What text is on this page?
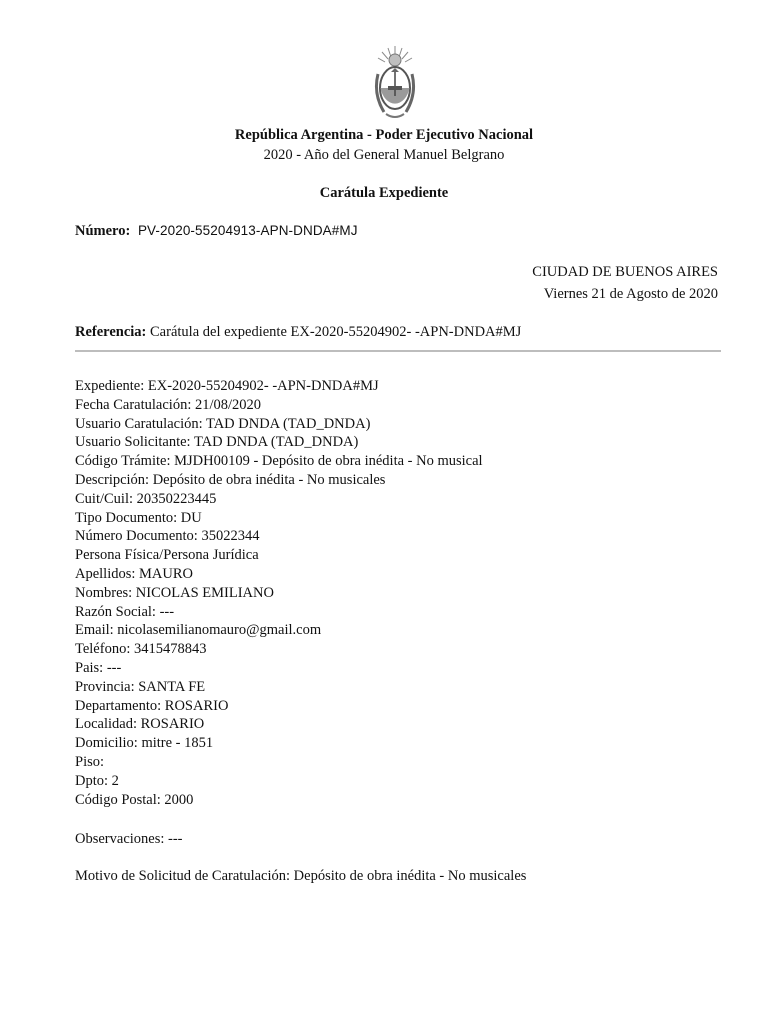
República Argentina - Poder Ejecutivo Nacional
2020 - Año del General Manuel Belgrano
Carátula Expediente
Número: PV-2020-55204913-APN-DNDA#MJ
CIUDAD DE BUENOS AIRES
Viernes 21 de Agosto de 2020
Referencia: Carátula del expediente EX-2020-55204902- -APN-DNDA#MJ
Expediente: EX-2020-55204902- -APN-DNDA#MJ
Fecha Caratulación: 21/08/2020
Usuario Caratulación: TAD DNDA (TAD_DNDA)
Usuario Solicitante: TAD DNDA (TAD_DNDA)
Código Trámite: MJDH00109 - Depósito de obra inédita - No musical
Descripción: Depósito de obra inédita - No musicales
Cuit/Cuil: 20350223445
Tipo Documento: DU
Número Documento: 35022344
Persona Física/Persona Jurídica
Apellidos: MAURO
Nombres: NICOLAS EMILIANO
Razón Social: ---
Email: nicolasemilianomauro@gmail.com
Teléfono: 3415478843
Pais: ---
Provincia: SANTA FE
Departamento: ROSARIO
Localidad: ROSARIO
Domicilio: mitre - 1851
Piso:
Dpto: 2
Código Postal: 2000
Observaciones: ---
Motivo de Solicitud de Caratulación: Depósito de obra inédita - No musicales
